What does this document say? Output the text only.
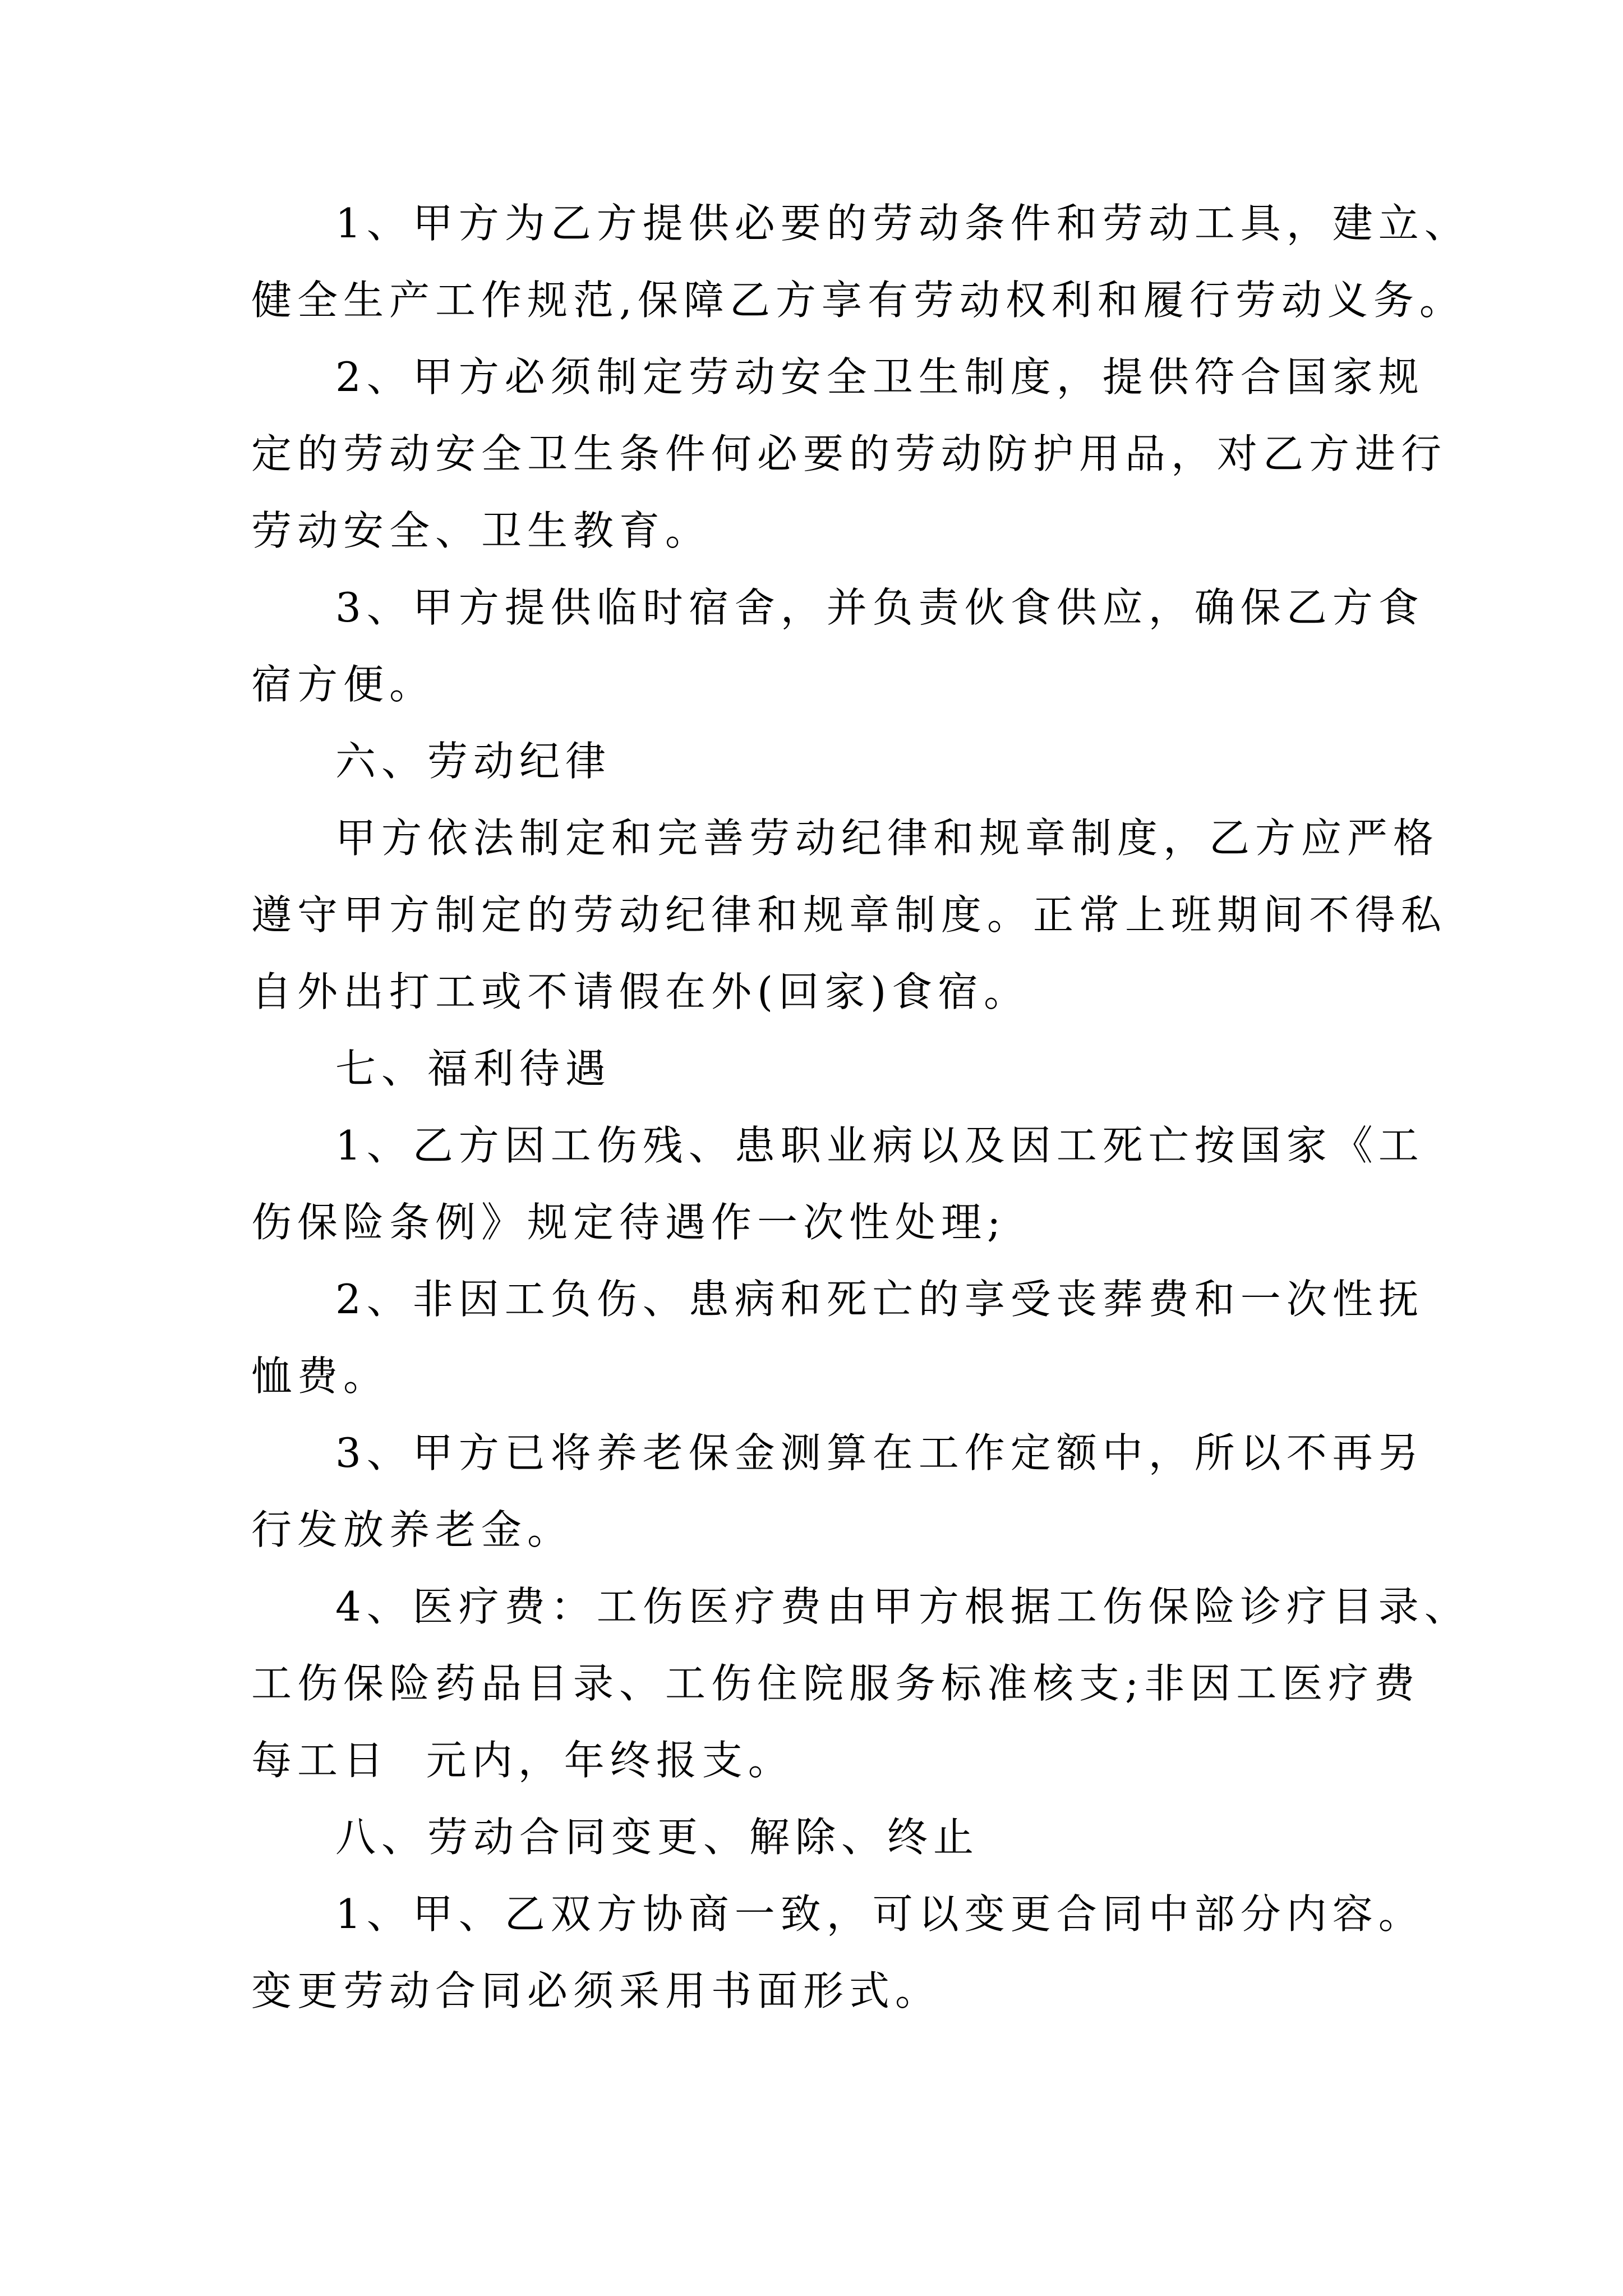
1、甲方为乙方提供必要的劳动条件和劳动工具，建立、
健全生产工作规范,保障乙方享有劳动权利和履行劳动义务。
2、甲方必须制定劳动安全卫生制度，提供符合国家规
定的劳动安全卫生条件何必要的劳动防护用品，对乙方进行
劳动安全、卫生教育。
3、甲方提供临时宿舍，并负责伙食供应，确保乙方食
宿方便。
六、劳动纪律
甲方依法制定和完善劳动纪律和规章制度，乙方应严格
遵守甲方制定的劳动纪律和规章制度。正常上班期间不得私
自外出打工或不请假在外(回家)食宿。
七、福利待遇
1、乙方因工伤残、患职业病以及因工死亡按国家《工
伤保险条例》规定待遇作一次性处理;
2、非因工负伤、患病和死亡的享受丧葬费和一次性抚
恤费。
3、甲方已将养老保金测算在工作定额中，所以不再另
行发放养老金。
4、医疗费：工伤医疗费由甲方根据工伤保险诊疗目录、
工伤保险药品目录、工伤住院服务标准核支;非因工医疗费
每工日  元内，年终报支。
八、劳动合同变更、解除、终止
1、甲、乙双方协商一致，可以变更合同中部分内容。
变更劳动合同必须采用书面形式。
